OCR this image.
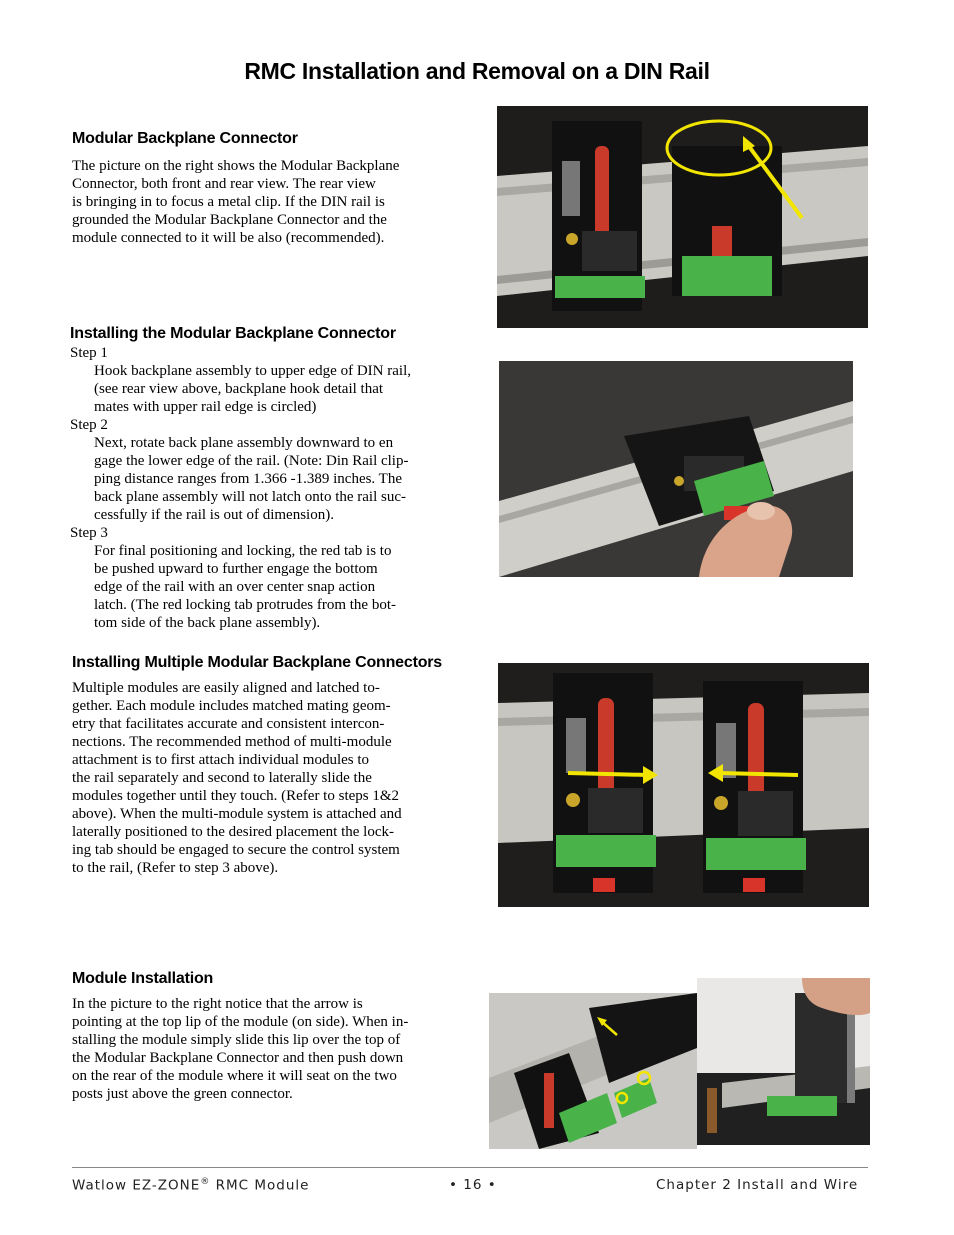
RMC Installation and Removal on a DIN Rail
Modular Backplane Connector

The picture on the right shows the Modular Backplane

Connector, both front and rear view. The rear view

is bringing in to focus a metal clip. If the DIN rail is

grounded the Modular Backplane Connector and the

module connected to it will be also (recommended).

Installing the Modular Backplane Connector

Step 1

Hook backplane assembly to upper edge of DIN rail,

(see rear view above, backplane hook detail that

mates with upper rail edge is circled)

Step 2

Next, rotate back plane assembly downward to en

gage the lower edge of the rail. (Note: Din Rail clip-

ping distance ranges from 1.366 -1.389 inches. The

back plane assembly will not latch onto the rail suc-

cessfully if the rail is out of dimension).

Step 3

For final positioning and locking, the red tab is to

be pushed upward to further engage the bottom

edge of the rail with an over center snap action

latch. (The red locking tab protrudes from the bot-

tom side of the back plane assembly).

Installing Multiple Modular Backplane Connectors

Multiple modules are easily aligned and latched to-

gether. Each module includes matched mating geom-

etry that facilitates accurate and consistent intercon-

nections. The recommended method of multi-module

attachment is to first attach individual modules to

the rail separately and second to laterally slide the

modules together until they touch. (Refer to steps 1&2

above). When the multi-module system is attached and

laterally positioned to the desired placement the lock-

ing tab should be engaged to secure the control system

to the rail, (Refer to step 3 above).

Module Installation

In the picture to the right notice that the arrow is

pointing at the top lip of the module (on side). When in-

stalling the module simply slide this lip over the top of

the Modular Backplane Connector and then push down

on the rear of the module where it will seat on the two

posts just above the green connector.

Watlow EZ-ZONE® RMC Module	• 16 •	Chapter 2 Install and Wire
